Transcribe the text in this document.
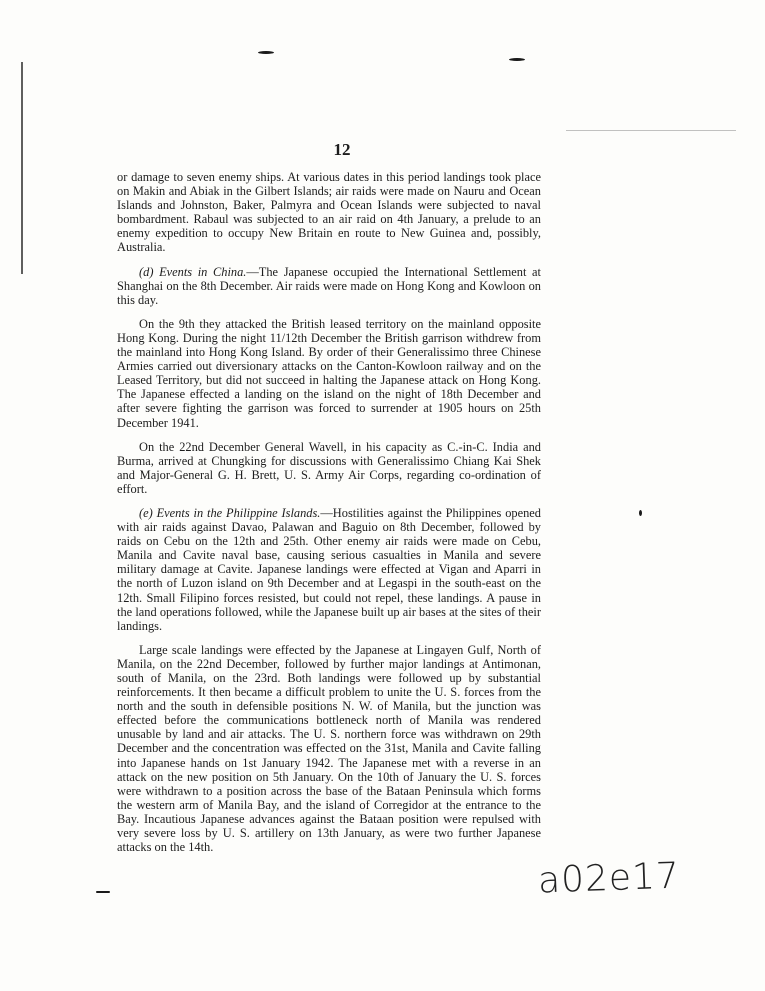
12

or damage to seven enemy ships. At various dates in this period landings took place on Makin and Abiak in the Gilbert Islands; air raids were made on Nauru and Ocean Islands and Johnston, Baker, Palmyra and Ocean Islands were subjected to naval bombardment. Rabaul was subjected to an air raid on 4th January, a prelude to an enemy expedition to occupy New Britain en route to New Guinea and, possibly, Australia.

(d) Events in China.—The Japanese occupied the International Settlement at Shanghai on the 8th December. Air raids were made on Hong Kong and Kowloon on this day.

On the 9th they attacked the British leased territory on the mainland opposite Hong Kong. During the night 11/12th December the British garrison withdrew from the mainland into Hong Kong Island. By order of their Generalissimo three Chinese Armies carried out diversionary attacks on the Canton-Kowloon railway and on the Leased Territory, but did not succeed in halting the Japanese attack on Hong Kong. The Japanese effected a landing on the island on the night of 18th December and after severe fighting the garrison was forced to surrender at 1905 hours on 25th December 1941.

On the 22nd December General Wavell, in his capacity as C.-in-C. India and Burma, arrived at Chungking for discussions with Generalissimo Chiang Kai Shek and Major-General G. H. Brett, U. S. Army Air Corps, regarding co-ordination of effort.

(e) Events in the Philippine Islands.—Hostilities against the Philippines opened with air raids against Davao, Palawan and Baguio on 8th December, followed by raids on Cebu on the 12th and 25th. Other enemy air raids were made on Cebu, Manila and Cavite naval base, causing serious casualties in Manila and severe military damage at Cavite. Japanese landings were effected at Vigan and Aparri in the north of Luzon island on 9th December and at Legaspi in the south-east on the 12th. Small Filipino forces resisted, but could not repel, these landings. A pause in the land operations followed, while the Japanese built up air bases at the sites of their landings.

Large scale landings were effected by the Japanese at Lingayen Gulf, North of Manila, on the 22nd December, followed by further major landings at Antimonan, south of Manila, on the 23rd. Both landings were followed up by substantial reinforcements. It then became a difficult problem to unite the U. S. forces from the north and the south in defensible positions N. W. of Manila, but the junction was effected before the communications bottleneck north of Manila was rendered unusable by land and air attacks. The U. S. northern force was withdrawn on 29th December and the concentration was effected on the 31st, Manila and Cavite falling into Japanese hands on 1st January 1942. The Japanese met with a reverse in an attack on the new position on 5th January. On the 10th of January the U. S. forces were withdrawn to a position across the base of the Bataan Peninsula which forms the western arm of Manila Bay, and the island of Corregidor at the entrance to the Bay. Incautious Japanese advances against the Bataan position were repulsed with very severe loss by U. S. artillery on 13th January, as were two further Japanese attacks on the 14th.

a02e17
